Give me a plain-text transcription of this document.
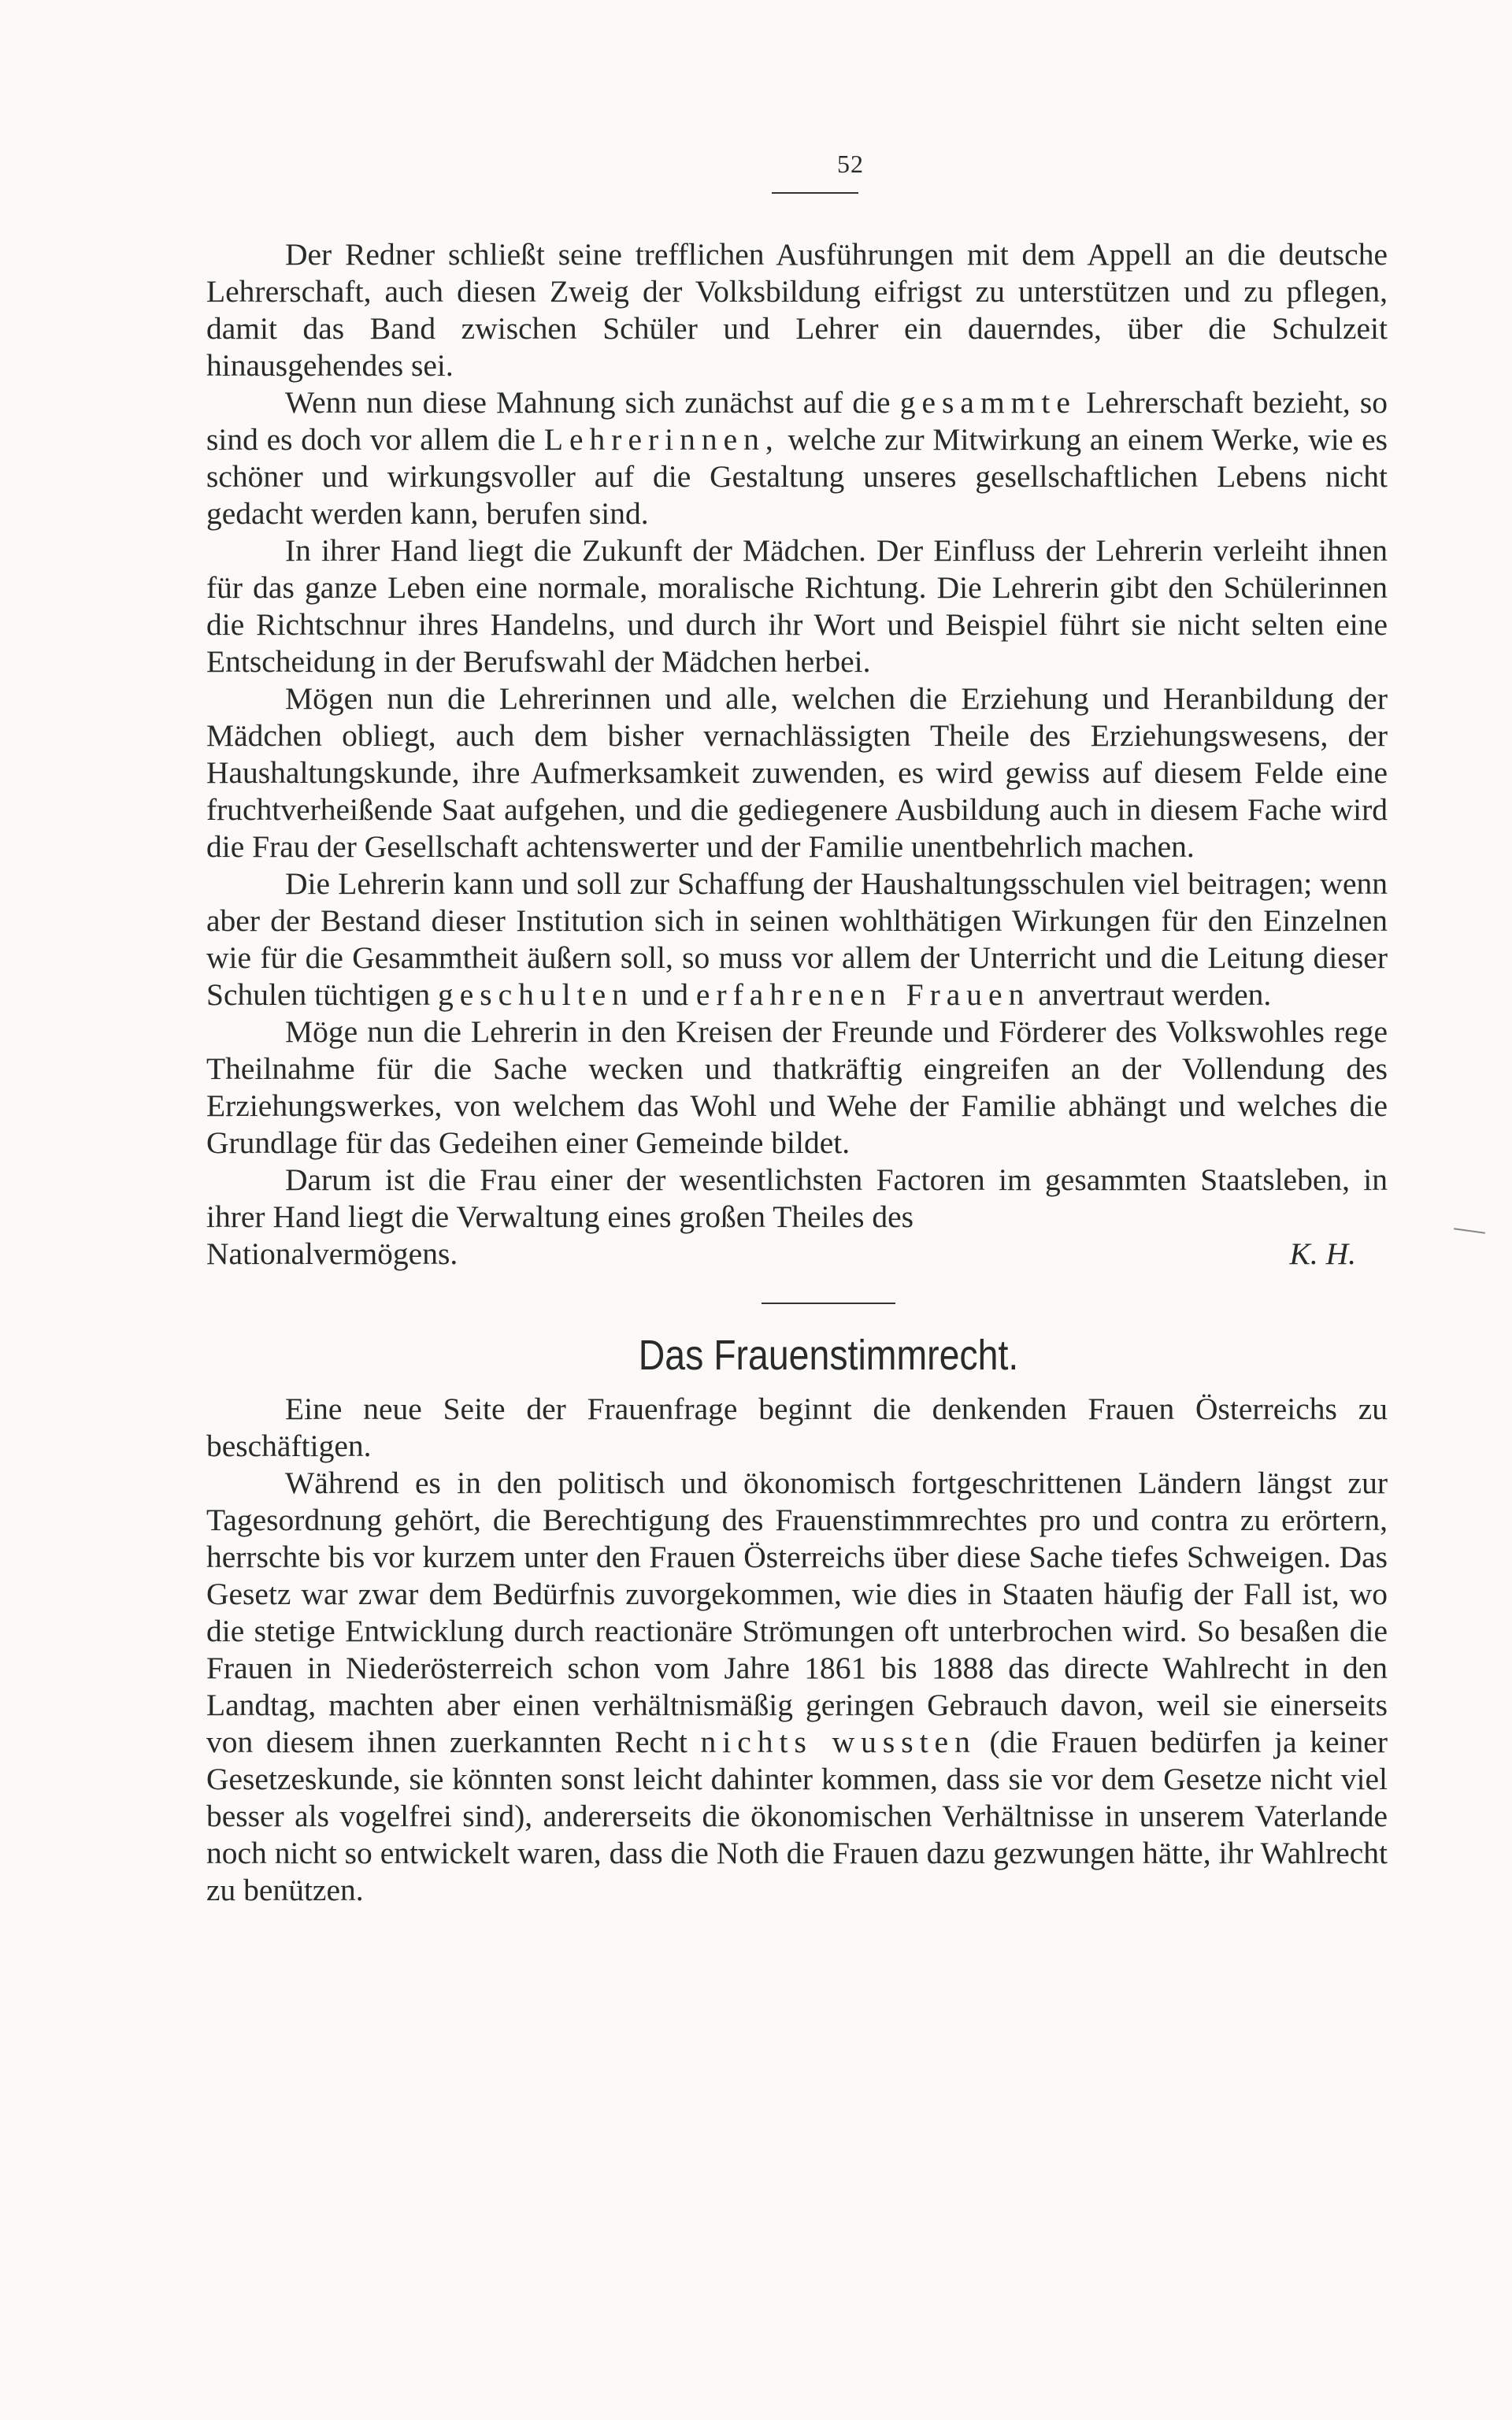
52

Der Redner schließt seine trefflichen Ausführungen mit dem Appell an die deutsche Lehrerschaft, auch diesen Zweig der Volksbildung eifrigst zu unterstützen und zu pflegen, damit das Band zwischen Schüler und Lehrer ein dauerndes, über die Schulzeit hinausgehendes sei.

Wenn nun diese Mahnung sich zunächst auf die gesammte Lehrerschaft bezieht, so sind es doch vor allem die Lehrerinnen, welche zur Mitwirkung an einem Werke, wie es schöner und wirkungsvoller auf die Gestaltung unseres gesellschaftlichen Lebens nicht gedacht werden kann, berufen sind.

In ihrer Hand liegt die Zukunft der Mädchen. Der Einfluss der Lehrerin verleiht ihnen für das ganze Leben eine normale, moralische Richtung. Die Lehrerin gibt den Schülerinnen die Richtschnur ihres Handelns, und durch ihr Wort und Beispiel führt sie nicht selten eine Entscheidung in der Berufswahl der Mädchen herbei.

Mögen nun die Lehrerinnen und alle, welchen die Erziehung und Heranbildung der Mädchen obliegt, auch dem bisher vernachlässigten Theile des Erziehungswesens, der Haushaltungskunde, ihre Aufmerksamkeit zuwenden, es wird gewiss auf diesem Felde eine fruchtverheißende Saat aufgehen, und die gediegenere Ausbildung auch in diesem Fache wird die Frau der Gesellschaft achtenswerter und der Familie unentbehrlich machen.

Die Lehrerin kann und soll zur Schaffung der Haushaltungsschulen viel beitragen; wenn aber der Bestand dieser Institution sich in seinen wohlthätigen Wirkungen für den Einzelnen wie für die Gesammtheit äußern soll, so muss vor allem der Unterricht und die Leitung dieser Schulen tüchtigen geschulten und erfahrenen Frauen anvertraut werden.

Möge nun die Lehrerin in den Kreisen der Freunde und Förderer des Volkswohles rege Theilnahme für die Sache wecken und thatkräftig eingreifen an der Vollendung des Erziehungswerkes, von welchem das Wohl und Wehe der Familie abhängt und welches die Grundlage für das Gedeihen einer Gemeinde bildet.

Darum ist die Frau einer der wesentlichsten Factoren im gesammten Staatsleben, in ihrer Hand liegt die Verwaltung eines großen Theiles des

Nationalvermögens.	K. H.
Das Frauenstimmrecht.

Eine neue Seite der Frauenfrage beginnt die denkenden Frauen Österreichs zu beschäftigen.

Während es in den politisch und ökonomisch fortgeschrittenen Ländern längst zur Tagesordnung gehört, die Berechtigung des Frauenstimmrechtes pro und contra zu erörtern, herrschte bis vor kurzem unter den Frauen Österreichs über diese Sache tiefes Schweigen. Das Gesetz war zwar dem Bedürfnis zuvorgekommen, wie dies in Staaten häufig der Fall ist, wo die stetige Entwicklung durch reactionäre Strömungen oft unterbrochen wird. So besaßen die Frauen in Niederösterreich schon vom Jahre 1861 bis 1888 das directe Wahlrecht in den Landtag, machten aber einen verhältnismäßig geringen Gebrauch davon, weil sie einerseits von diesem ihnen zuerkannten Recht nichts wussten (die Frauen bedürfen ja keiner Gesetzeskunde, sie könnten sonst leicht dahinter kommen, dass sie vor dem Gesetze nicht viel besser als vogelfrei sind), andererseits die ökonomischen Verhältnisse in unserem Vaterlande noch nicht so entwickelt waren, dass die Noth die Frauen dazu gezwungen hätte, ihr Wahlrecht zu benützen.
